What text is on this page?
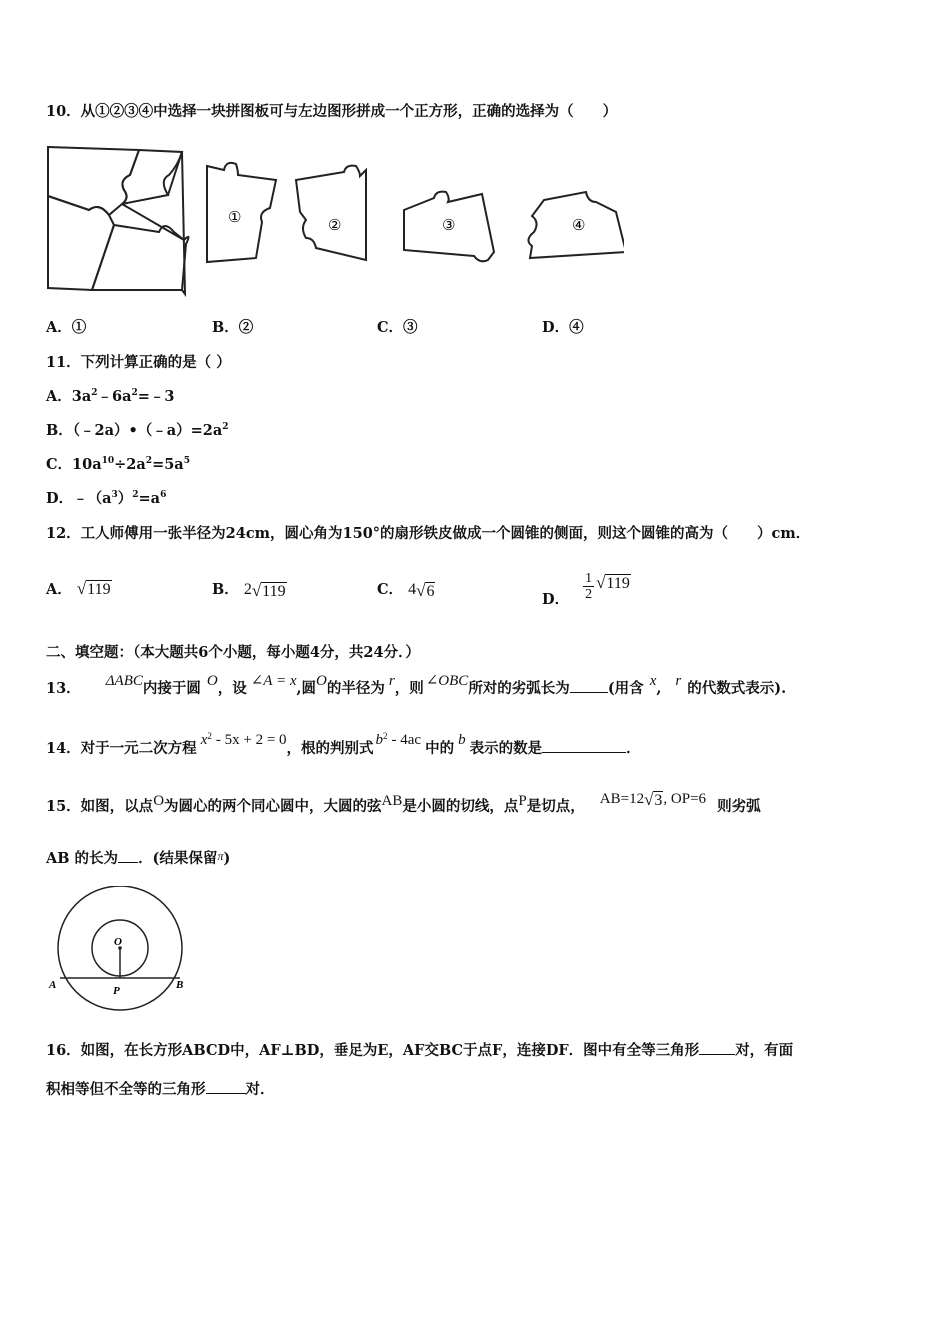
10．从①②③④中选择一块拼图板可与左边图形拼成一个正方形，正确的选择为（　　）
①	②	③	④
A．①	B．②	C．③	D．④
11．下列计算正确的是（ ）
A．$3a^2﹣6a^2=﹣3$
B．$(﹣2a)•(﹣a)=2a^2$
C．$10a^{10}\div 2a^2=5a^5$
D．$﹣(a^3)^2=a^6$
12．工人师傅用一张半径为24cm，圆心角为150°的扇形铁皮做成一个圆锥的侧面，则这个圆锥的高为（　　）cm．
A． √ 119	B． 2 √ 119	C． 4 √ 6	D． $\frac{1}{2}$ √ 119
二、填空题：（本大题共6个小题，每小题4分，共24分．）
13． ΔABC内接于圆 O，设 ∠A = x,圆O的半径为 r，则 ∠OBC所对的劣弧长为	(用含 x, r 的代数式表示).
14．对于一元二次方程 $x^2 - 5x + 2 = 0$，根的判别式 $b^2 - 4ac$ 中的 b 表示的数是	．
15．如图，以点O为圆心的两个同心圆中，大圆的弦AB是小圆的切线，点P是切点， AB=12 √ 3 , OP=6 则劣弧
AB 的长为 ．(结果保留$^\pi$)
O
A	P	B
16．如图，在长方形ABCD中，AF⊥BD，垂足为E，AF交BC于点F，连接DF．图中有全等三角形 对，有面
积相等但不全等的三角形	对．
